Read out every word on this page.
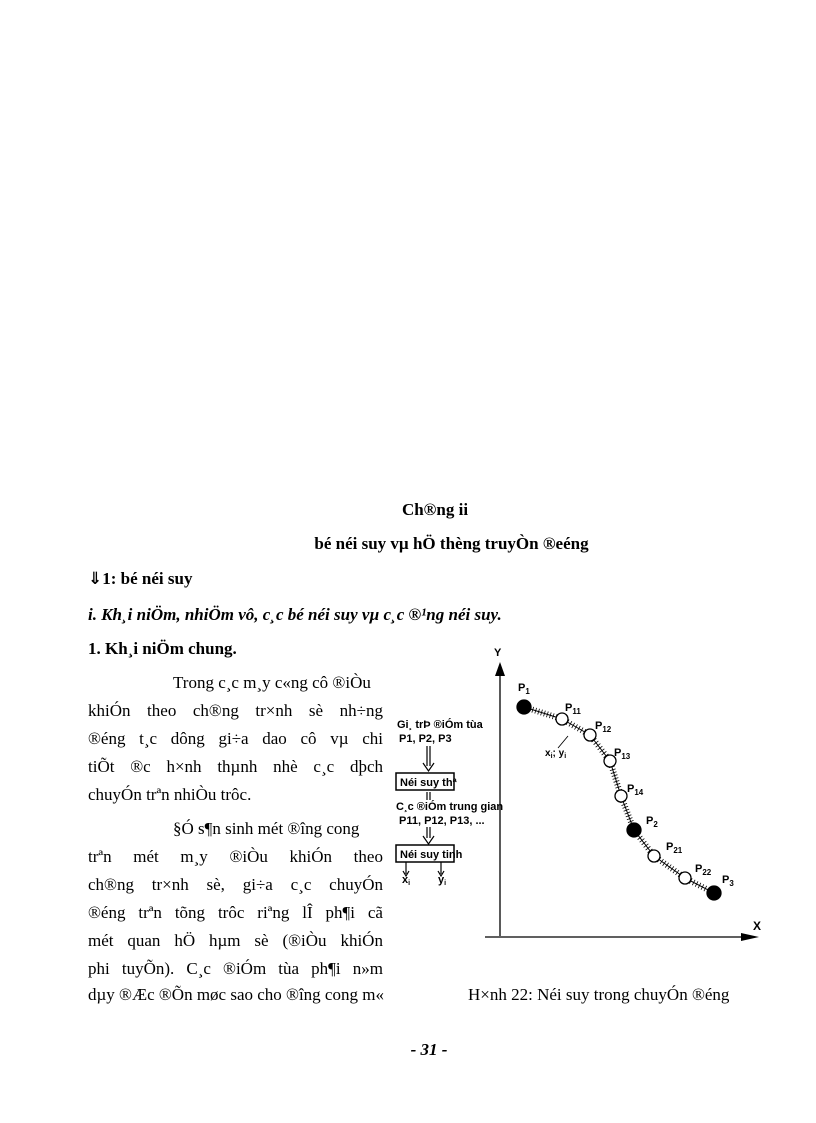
Ch®ng ii
bé néi suy vµ hÖ thèng truyÒn ®eéng
⇓1: bé néi suy
i. Kh¸i niÖm, nhiÖm vô, c¸c bé néi suy vµ c¸c ®¹ng néi suy.
1. Kh¸i niÖm chung.
Trong c¸c m¸y c«ng cô ®iÒu
khiÓn theo ch®ng tr×nh sè nh÷ng
®éng t¸c dông gi÷a dao cô vµ chi
tiÕt ®c h×nh thµnh nhè c¸c dþch
chuyÓn trªn nhiÒu trôc.
§Ó s¶n sinh mét ®îng cong
trªn mét m¸y ®iÒu khiÓn theo
ch®ng tr×nh sè, gi÷a c¸c chuyÓn
®éng trªn tõng trôc riªng lÎ ph¶i cã
mét quan hÖ hµm sè (®iÒu khiÓn
phi tuyÕn). C¸c ®iÓm tùa ph¶i n»m
dµy ®Æc ®Õn møc sao cho ®îng cong m«
Gi¸ trÞ ®iÓm tùa
P1, P2, P3
Néi suy thª
C¸c ®iÓm trung gian
P11, P12, P13, ...
Néi suy tinh
xi	yi
Y
X
$P_1$
$P_{11}$
$P_{12}$
$P_{13}$
$P_{14}$
$P_2$
$P_{21}$
$P_{22}$
$P_3$
$x_i$; $y_i$
H×nh 22: Néi suy trong chuyÓn ®éng
- 31 -
